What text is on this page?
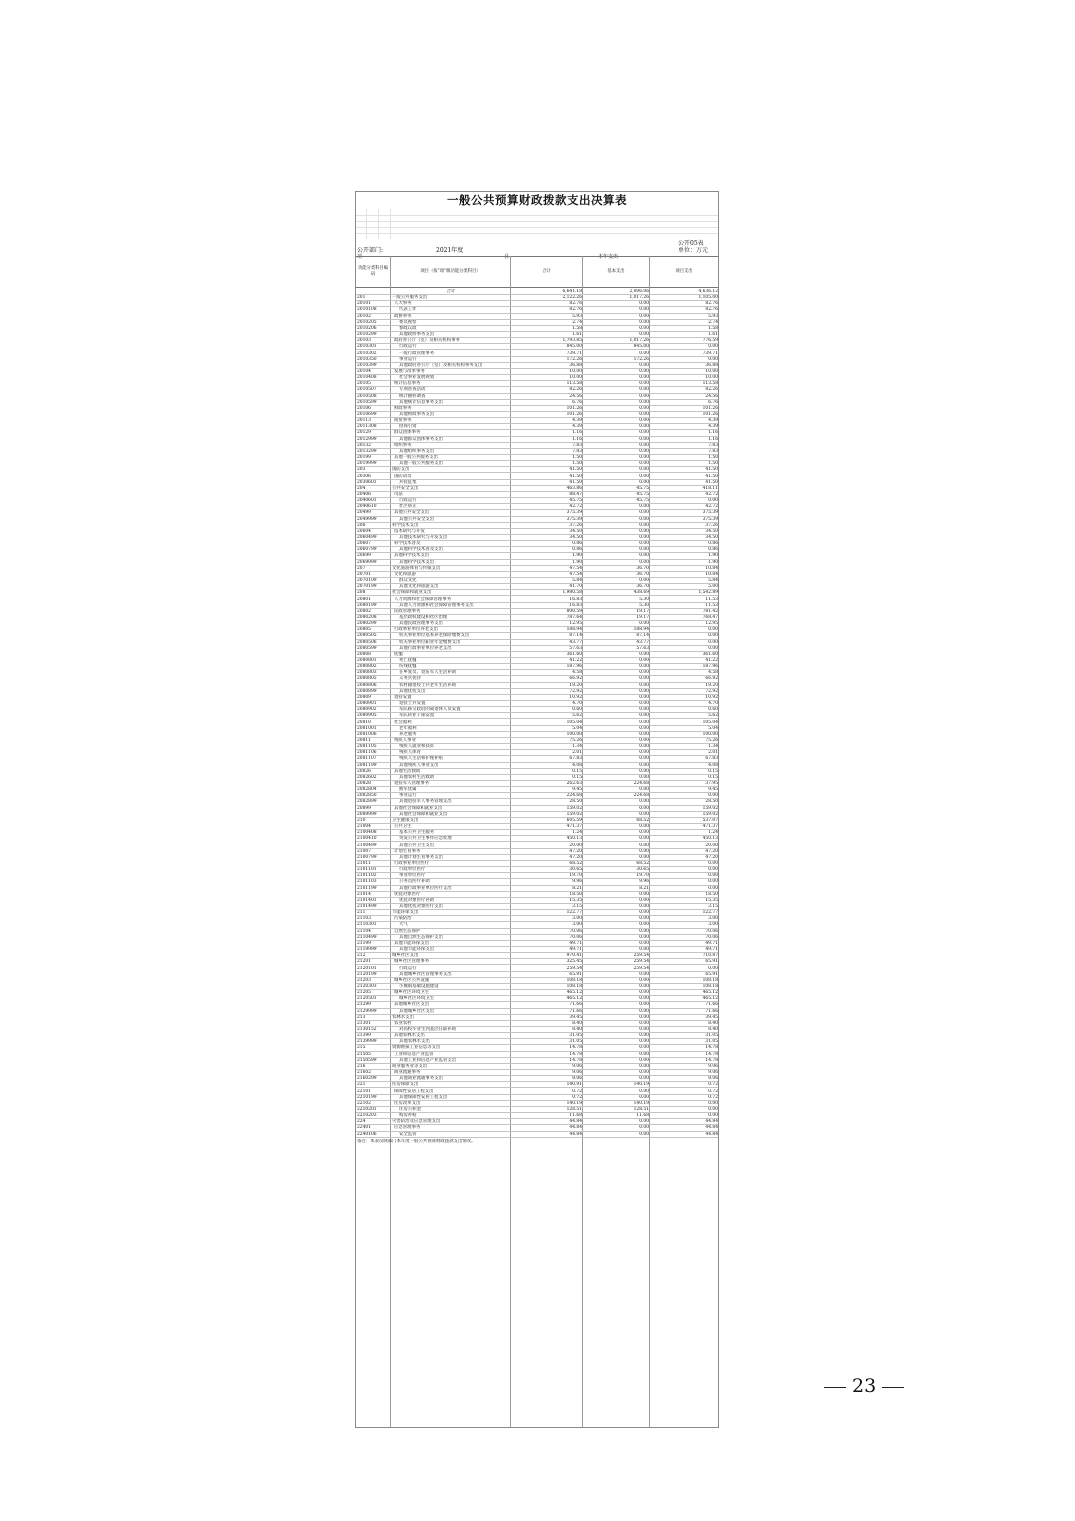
一般公共预算财政拨款支出决算表
公开部门:	2021年度
公开05表
单位：万元
项	目	本年支出
功能分类科目编码
项目（按“项”级功能分类科目）	合计	基本支出	项目支出
合计	6,641.18	2,006.06	4,636.12
201	一般公共服务支出	2,122.26	1,017.26	1,105.00
20101	人大事务	82.76	0.00	82.76
2010108	代表工作	82.76	0.00	82.76
20102	政协事务	5.93	0.00	5.93
2010205	委员视察	2.74	0.00	2.74
2010206	参政议政	1.58	0.00	1.58
2010299	其他政协事务支出	1.61	0.00	1.61
20103	政府办公厅（室）及相关机构事务	1,793.85	1,017.26	776.59
2010301	行政运行	845.00	845.00	0.00
2010302	一般行政管理事务	739.71	0.00	739.71
2010350	事业运行	172.26	172.26	0.00
2010399	其他政府办公厅（室）及相关机构事务支出	36.88	0.00	36.88
20104	发展与改革事务	10.00	0.00	10.00
2010408	社会事业发展规划	10.00	0.00	10.00
20105	统计信息事务	113.58	0.00	113.58
2010507	专项普查活动	82.26	0.00	82.26
2010508	统计抽样调查	24.56	0.00	24.56
2010599	其他统计信息事务支出	6.76	0.00	6.76
20106	财政事务	101.26	0.00	101.26
2010699	其他财政事务支出	101.26	0.00	101.26
20113	商贸事务	4.39	0.00	4.39
2011308	招商引资	4.39	0.00	4.39
20129	群众团体事务	1.16	0.00	1.16
2012999	其他群众团体事务支出	1.16	0.00	1.16
20132	组织事务	7.83	0.00	7.83
2013299	其他组织事务支出	7.83	0.00	7.83
20199	其他一般公共服务支出	1.50	0.00	1.50
2019999	其他一般公共服务支出	1.50	0.00	1.50
203	国防支出	41.50	0.00	41.50
20306	国防动员	41.50	0.00	41.50
2030601	兵役征集	41.50	0.00	41.50
204	公共安全支出	463.86	45.75	418.11
20406	司法	88.47	45.75	42.72
2040601	行政运行	45.75	45.75	0.00
2040610	社区矫正	42.72	0.00	42.72
20499	其他公共安全支出	375.39	0.00	375.39
2049999	其他公共安全支出	375.39	0.00	375.39
206	科学技术支出	37.26	0.00	37.26
20604	技术研究与开发	34.50	0.00	34.50
2060499	其他技术研究与开发支出	34.50	0.00	34.50
20607	科学技术普及	0.86	0.00	0.86
2060799	其他科学技术普及支出	0.86	0.00	0.86
20699	其他科学技术支出	1.90	0.00	1.90
2069999	其他科学技术支出	1.90	0.00	1.90
207	文化旅游体育与传媒支出	47.54	36.70	10.84
20701	文化和旅游	47.54	36.70	10.84
2070109	群众文化	5.84	0.00	5.84
2070199	其他文化和旅游支出	41.70	36.70	5.00
208	社会保障和就业支出	1,980.58	438.69	1,542.89
20801	人力资源和社会保障管理事务	16.83	5.30	11.53
2080199	其他人力资源和社会保障管理事务支出	16.83	5.30	11.53
20802	民政管理事务	800.59	19.17	781.42
2080208	基层政权建设和社区治理	787.64	19.17	768.47
2080299	其他民政管理事务支出	12.95	0.00	12.95
20805	行政事业单位养老支出	188.94	188.94	0.00
2080505	机关事业单位基本养老保险缴费支出	87.14	87.14	0.00
2080506	机关事业单位职业年金缴费支出	43.77	43.77	0.00
2080599	其他行政事业单位养老支出	57.63	57.63	0.00
20808	抚恤	361.60	0.00	361.60
2080801	死亡抚恤	41.22	0.00	41.22
2080802	伤残抚恤	187.96	0.00	187.96
2080803	在乡复员、退伍军人生活补助	4.58	0.00	4.58
2080805	义务兵优待	66.92	0.00	66.92
2080806	农村籍退役士兵老年生活补助	19.20	0.00	19.20
2080899	其他优抚支出	72.92	0.00	72.92
20809	退役安置	10.92	0.00	10.92
2080901	退役士兵安置	4.70	0.00	4.70
2080902	军队移交政府的离退休人员安置	0.60	0.00	0.60
2080905	军队转业干部安置	5.62	0.00	5.62
20810	社会福利	105.04	0.00	105.04
2081001	老年福利	5.04	0.00	5.04
2081006	养老服务	100.00	0.00	100.00
20811	残疾人事业	75.26	0.00	75.26
2081105	残疾人就业和扶贫	1.34	0.00	1.34
2081106	残疾人体育	2.01	0.00	2.01
2081107	残疾人生活和护理补贴	67.83	0.00	67.83
2081199	其他残疾人事业支出	4.08	0.00	4.08
20826	其他生活救助	0.15	0.00	0.15
2082602	其他农村生活救助	0.15	0.00	0.15
20828	退役军人管理事务	262.63	224.68	37.95
2082804	拥军优属	9.45	0.00	9.45
2082850	事业运行	224.68	224.68	0.00
2082899	其他退役军人事务管理支出	28.50	0.00	28.50
20899	其他社会保障和就业支出	159.02	0.00	159.02
2089999	其他社会保障和就业支出	159.02	0.00	159.02
210	卫生健康支出	605.59	68.52	537.07
21004	公共卫生	471.37	0.00	471.37
2100408	基本公共卫生服务	1.24	0.00	1.24
2100410	突发公共卫生事件应急处理	450.13	0.00	450.13
2100499	其他公共卫生支出	20.00	0.00	20.00
21007	计划生育事务	47.20	0.00	47.20
2100799	其他计划生育事务支出	47.20	0.00	47.20
21011	行政事业单位医疗	68.52	68.52	0.00
2101101	行政单位医疗	30.65	30.65	0.00
2101102	事业单位医疗	19.70	19.70	0.00
2101103	公务员医疗补助	9.96	9.96	0.00
2101199	其他行政事业单位医疗支出	8.21	8.21	0.00
21014	优抚对象医疗	18.50	0.00	18.50
2101401	优抚对象医疗补助	15.35	0.00	15.35
2101499	其他优抚对象医疗支出	3.15	0.00	3.15
211	节能环保支出	122.77	0.00	122.77
21103	污染防治	3.00	0.00	3.00
2110301	大气	3.00	0.00	3.00
21104	自然生态保护	70.06	0.00	70.06
2110499	其他自然生态保护支出	70.06	0.00	70.06
21199	其他节能环保支出	49.71	0.00	49.71
2119999	其他节能环保支出	49.71	0.00	49.71
212	城乡社区支出	970.41	259.54	710.87
21201	城乡社区管理事务	325.45	259.54	65.91
2120101	行政运行	259.54	259.54	0.00
2120199	其他城乡社区管理事务支出	65.91	0.00	65.91
21203	城乡社区公共设施	108.18	0.00	108.18
2120303	小城镇基础设施建设	108.18	0.00	108.18
21205	城乡社区环境卫生	465.12	0.00	465.12
2120501	城乡社区环境卫生	465.12	0.00	465.12
21299	其他城乡社区支出	71.66	0.00	71.66
2129999	其他城乡社区支出	71.66	0.00	71.66
213	农林水支出	39.45	0.00	39.45
21301	农业农村	8.40	0.00	8.40
2130152	对高校毕业生到基层任职补助	8.40	0.00	8.40
21399	其他农林水支出	31.05	0.00	31.05
2139999	其他农林水支出	31.05	0.00	31.05
215	资源勘探工业信息等支出	14.78	0.00	14.78
21505	工业和信息产业监管	14.78	0.00	14.78
2150599	其他工业和信息产业监管支出	14.78	0.00	14.78
216	商业服务业等支出	9.06	0.00	9.06
21602	商业流通事务	9.06	0.00	9.06
2160299	其他商业流通事务支出	9.06	0.00	9.06
221	住房保障支出	140.91	140.19	0.72
22101	保障性安居工程支出	0.72	0.00	0.72
2210199	其他保障性安居工程支出	0.72	0.00	0.72
22102	住房改革支出	140.19	140.19	0.00
2210201	住房公积金	128.51	128.51	0.00
2210203	购房补贴	11.68	11.68	0.00
224	灾害防治及应急管理支出	44.84	0.00	44.84
22401	应急管理事务	44.84	0.00	44.84
2240106	安全监管	44.84	0.00	44.84
备注：本表反映部门本年度一般公共预算财政拨款支出情况。
23
